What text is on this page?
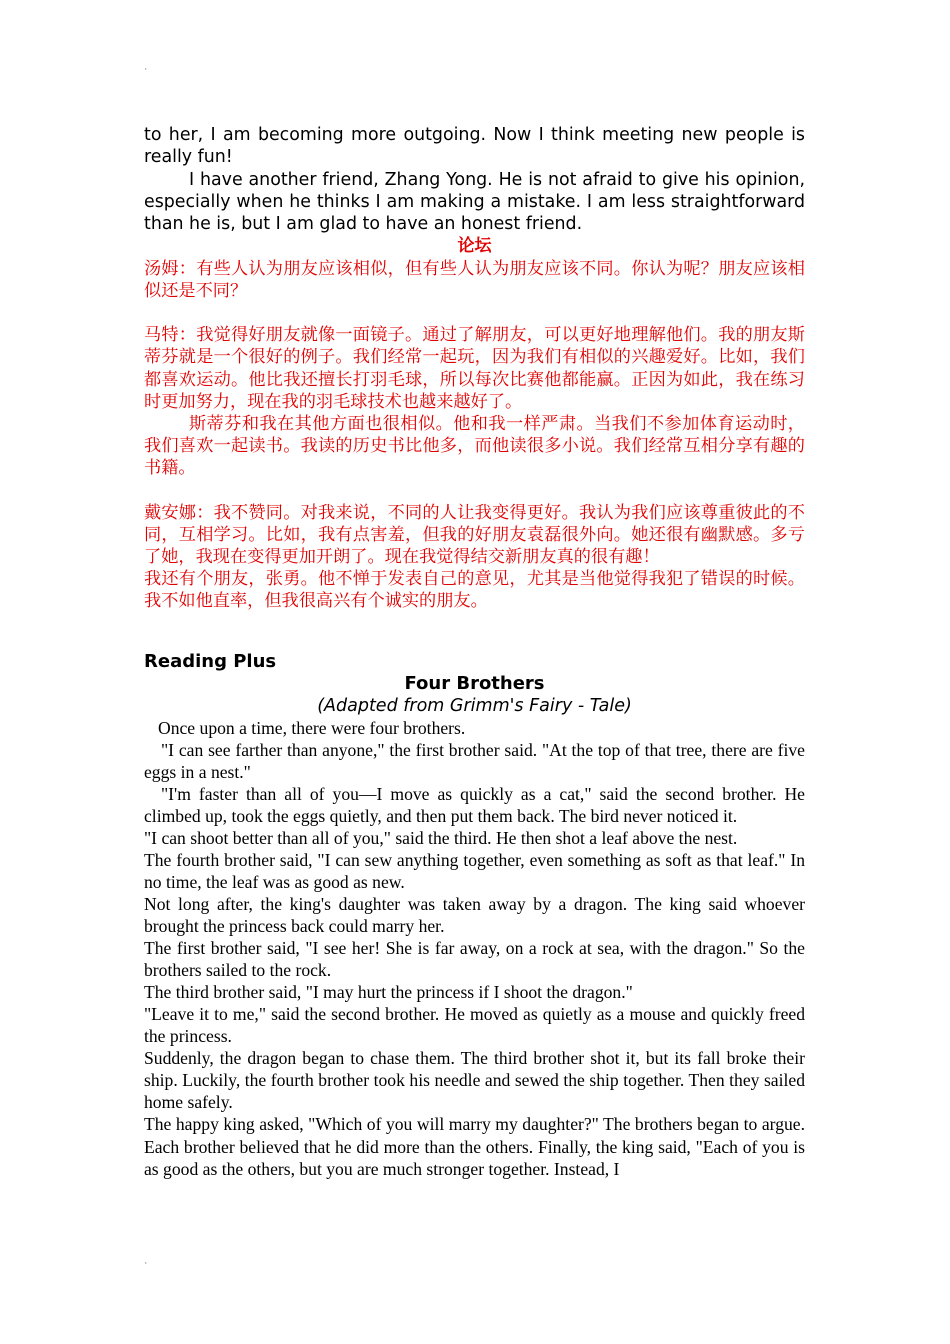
˛

to her, I am becoming more outgoing. Now I think meeting new people is really fun!

I have another friend, Zhang Yong. He is not afraid to give his opinion, especially when he thinks I am making a mistake. I am less straightforward than he is, but I am glad to have an honest friend.

论坛

汤姆：有些人认为朋友应该相似，但有些人认为朋友应该不同。你认为呢？朋友应该相似还是不同？

马特：我觉得好朋友就像一面镜子。通过了解朋友，可以更好地理解他们。我的朋友斯蒂芬就是一个很好的例子。我们经常一起玩，因为我们有相似的兴趣爱好。比如，我们都喜欢运动。他比我还擅长打羽毛球，所以每次比赛他都能赢。正因为如此，我在练习时更加努力，现在我的羽毛球技术也越来越好了。

斯蒂芬和我在其他方面也很相似。他和我一样严肃。当我们不参加体育运动时，我们喜欢一起读书。我读的历史书比他多，而他读很多小说。我们经常互相分享有趣的书籍。

戴安娜：我不赞同。对我来说，不同的人让我变得更好。我认为我们应该尊重彼此的不同，互相学习。比如，我有点害羞，但我的好朋友袁磊很外向。她还很有幽默感。多亏了她，我现在变得更加开朗了。现在我觉得结交新朋友真的很有趣！

我还有个朋友，张勇。他不惮于发表自己的意见，尤其是当他觉得我犯了错误的时候。我不如他直率，但我很高兴有个诚实的朋友。

Reading Plus

Four Brothers

(Adapted from Grimm's Fairy - Tale)

Once upon a time, there were four brothers.

"I can see farther than anyone," the first brother said. "At the top of that tree, there are five eggs in a nest."

"I'm faster than all of you—I move as quickly as a cat," said the second brother. He climbed up, took the eggs quietly, and then put them back. The bird never noticed it.

"I can shoot better than all of you," said the third. He then shot a leaf above the nest.

The fourth brother said, "I can sew anything together, even something as soft as that leaf." In no time, the leaf was as good as new.

Not long after, the king's daughter was taken away by a dragon. The king said whoever brought the princess back could marry her.

The first brother said, "I see her! She is far away, on a rock at sea, with the dragon." So the brothers sailed to the rock.

The third brother said, "I may hurt the princess if I shoot the dragon."

"Leave it to me," said the second brother. He moved as quietly as a mouse and quickly freed the princess.

Suddenly, the dragon began to chase them. The third brother shot it, but its fall broke their ship. Luckily, the fourth brother took his needle and sewed the ship together. Then they sailed home safely.

The happy king asked, "Which of you will marry my daughter?" The brothers began to argue. Each brother believed that he did more than the others. Finally, the king said, "Each of you is as good as the others, but you are much stronger together. Instead, I

˛
